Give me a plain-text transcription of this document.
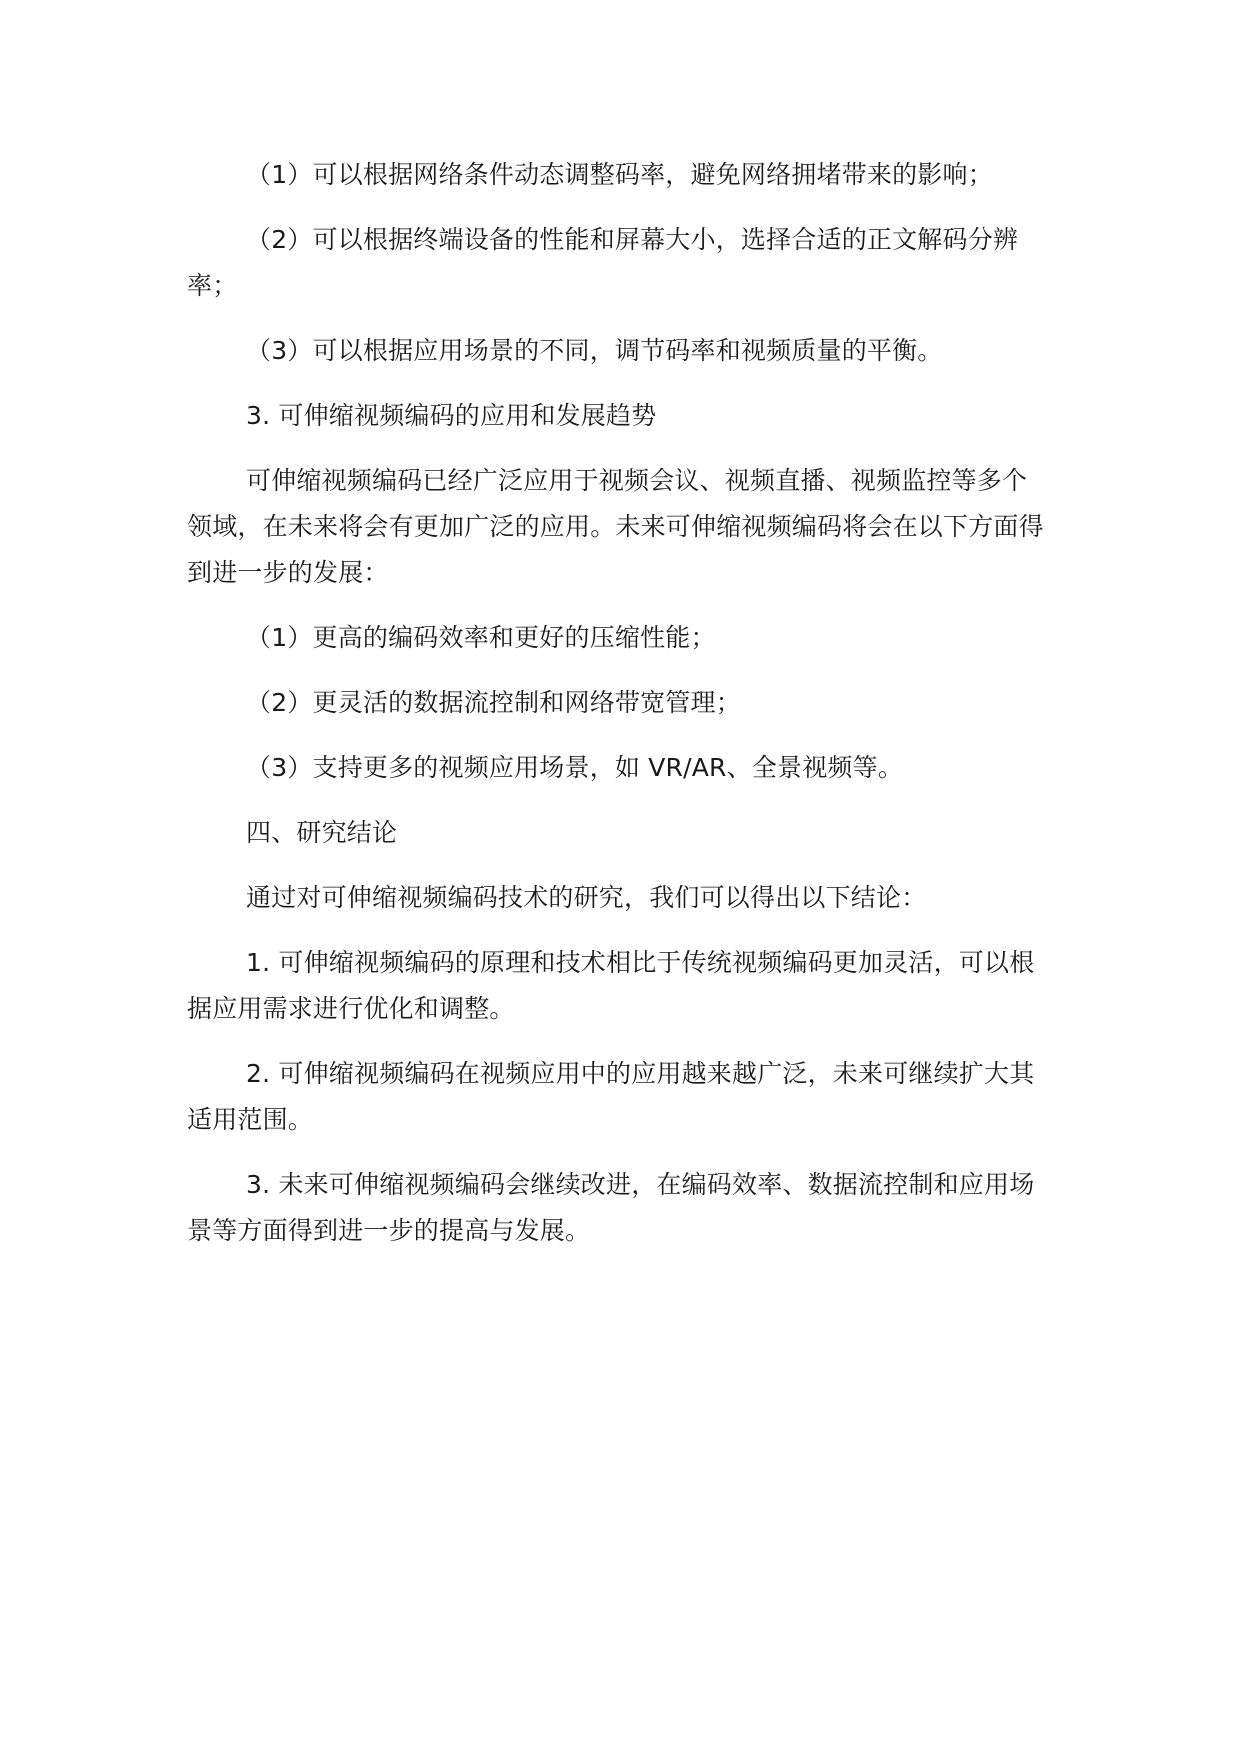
（1）可以根据网络条件动态调整码率，避免网络拥堵带来的影响；

（2）可以根据终端设备的性能和屏幕大小，选择合适的正文解码分辨率；

（3）可以根据应用场景的不同，调节码率和视频质量的平衡。

3. 可伸缩视频编码的应用和发展趋势

可伸缩视频编码已经广泛应用于视频会议、视频直播、视频监控等多个领域，在未来将会有更加广泛的应用。未来可伸缩视频编码将会在以下方面得到进一步的发展：

（1）更高的编码效率和更好的压缩性能；

（2）更灵活的数据流控制和网络带宽管理；

（3）支持更多的视频应用场景，如 VR/AR、全景视频等。

四、研究结论

通过对可伸缩视频编码技术的研究，我们可以得出以下结论：

1. 可伸缩视频编码的原理和技术相比于传统视频编码更加灵活，可以根据应用需求进行优化和调整。

2. 可伸缩视频编码在视频应用中的应用越来越广泛，未来可继续扩大其适用范围。

3. 未来可伸缩视频编码会继续改进，在编码效率、数据流控制和应用场景等方面得到进一步的提高与发展。
